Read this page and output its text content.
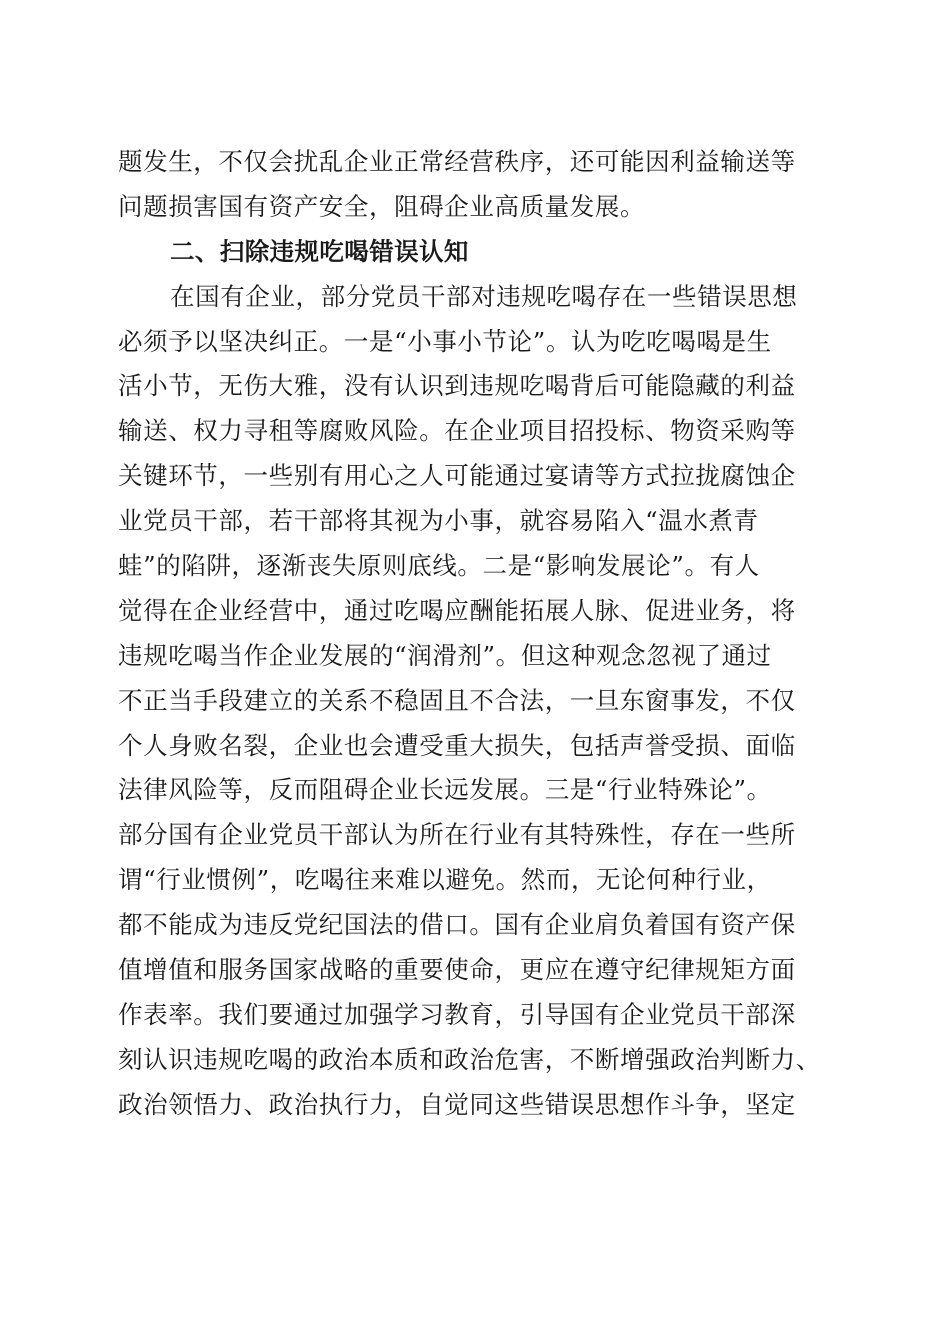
题发生，不仅会扰乱企业正常经营秩序，还可能因利益输送等
问题损害国有资产安全，阻碍企业高质量发展。
二、扫除违规吃喝错误认知
在国有企业，部分党员干部对违规吃喝存在一些错误思想
必须予以坚决纠正。一是“小事小节论”。认为吃吃喝喝是生
活小节，无伤大雅，没有认识到违规吃喝背后可能隐藏的利益
输送、权力寻租等腐败风险。在企业项目招投标、物资采购等
关键环节，一些别有用心之人可能通过宴请等方式拉拢腐蚀企
业党员干部，若干部将其视为小事，就容易陷入“温水煮青
蛙”的陷阱，逐渐丧失原则底线。二是“影响发展论”。有人
觉得在企业经营中，通过吃喝应酬能拓展人脉、促进业务，将
违规吃喝当作企业发展的“润滑剂”。但这种观念忽视了通过
不正当手段建立的关系不稳固且不合法，一旦东窗事发，不仅
个人身败名裂，企业也会遭受重大损失，包括声誉受损、面临
法律风险等，反而阻碍企业长远发展。三是“行业特殊论”。
部分国有企业党员干部认为所在行业有其特殊性，存在一些所
谓“行业惯例”，吃喝往来难以避免。然而，无论何种行业，
都不能成为违反党纪国法的借口。国有企业肩负着国有资产保
值增值和服务国家战略的重要使命，更应在遵守纪律规矩方面
作表率。我们要通过加强学习教育，引导国有企业党员干部深
刻认识违规吃喝的政治本质和政治危害，不断增强政治判断力、
政治领悟力、政治执行力，自觉同这些错误思想作斗争，坚定
